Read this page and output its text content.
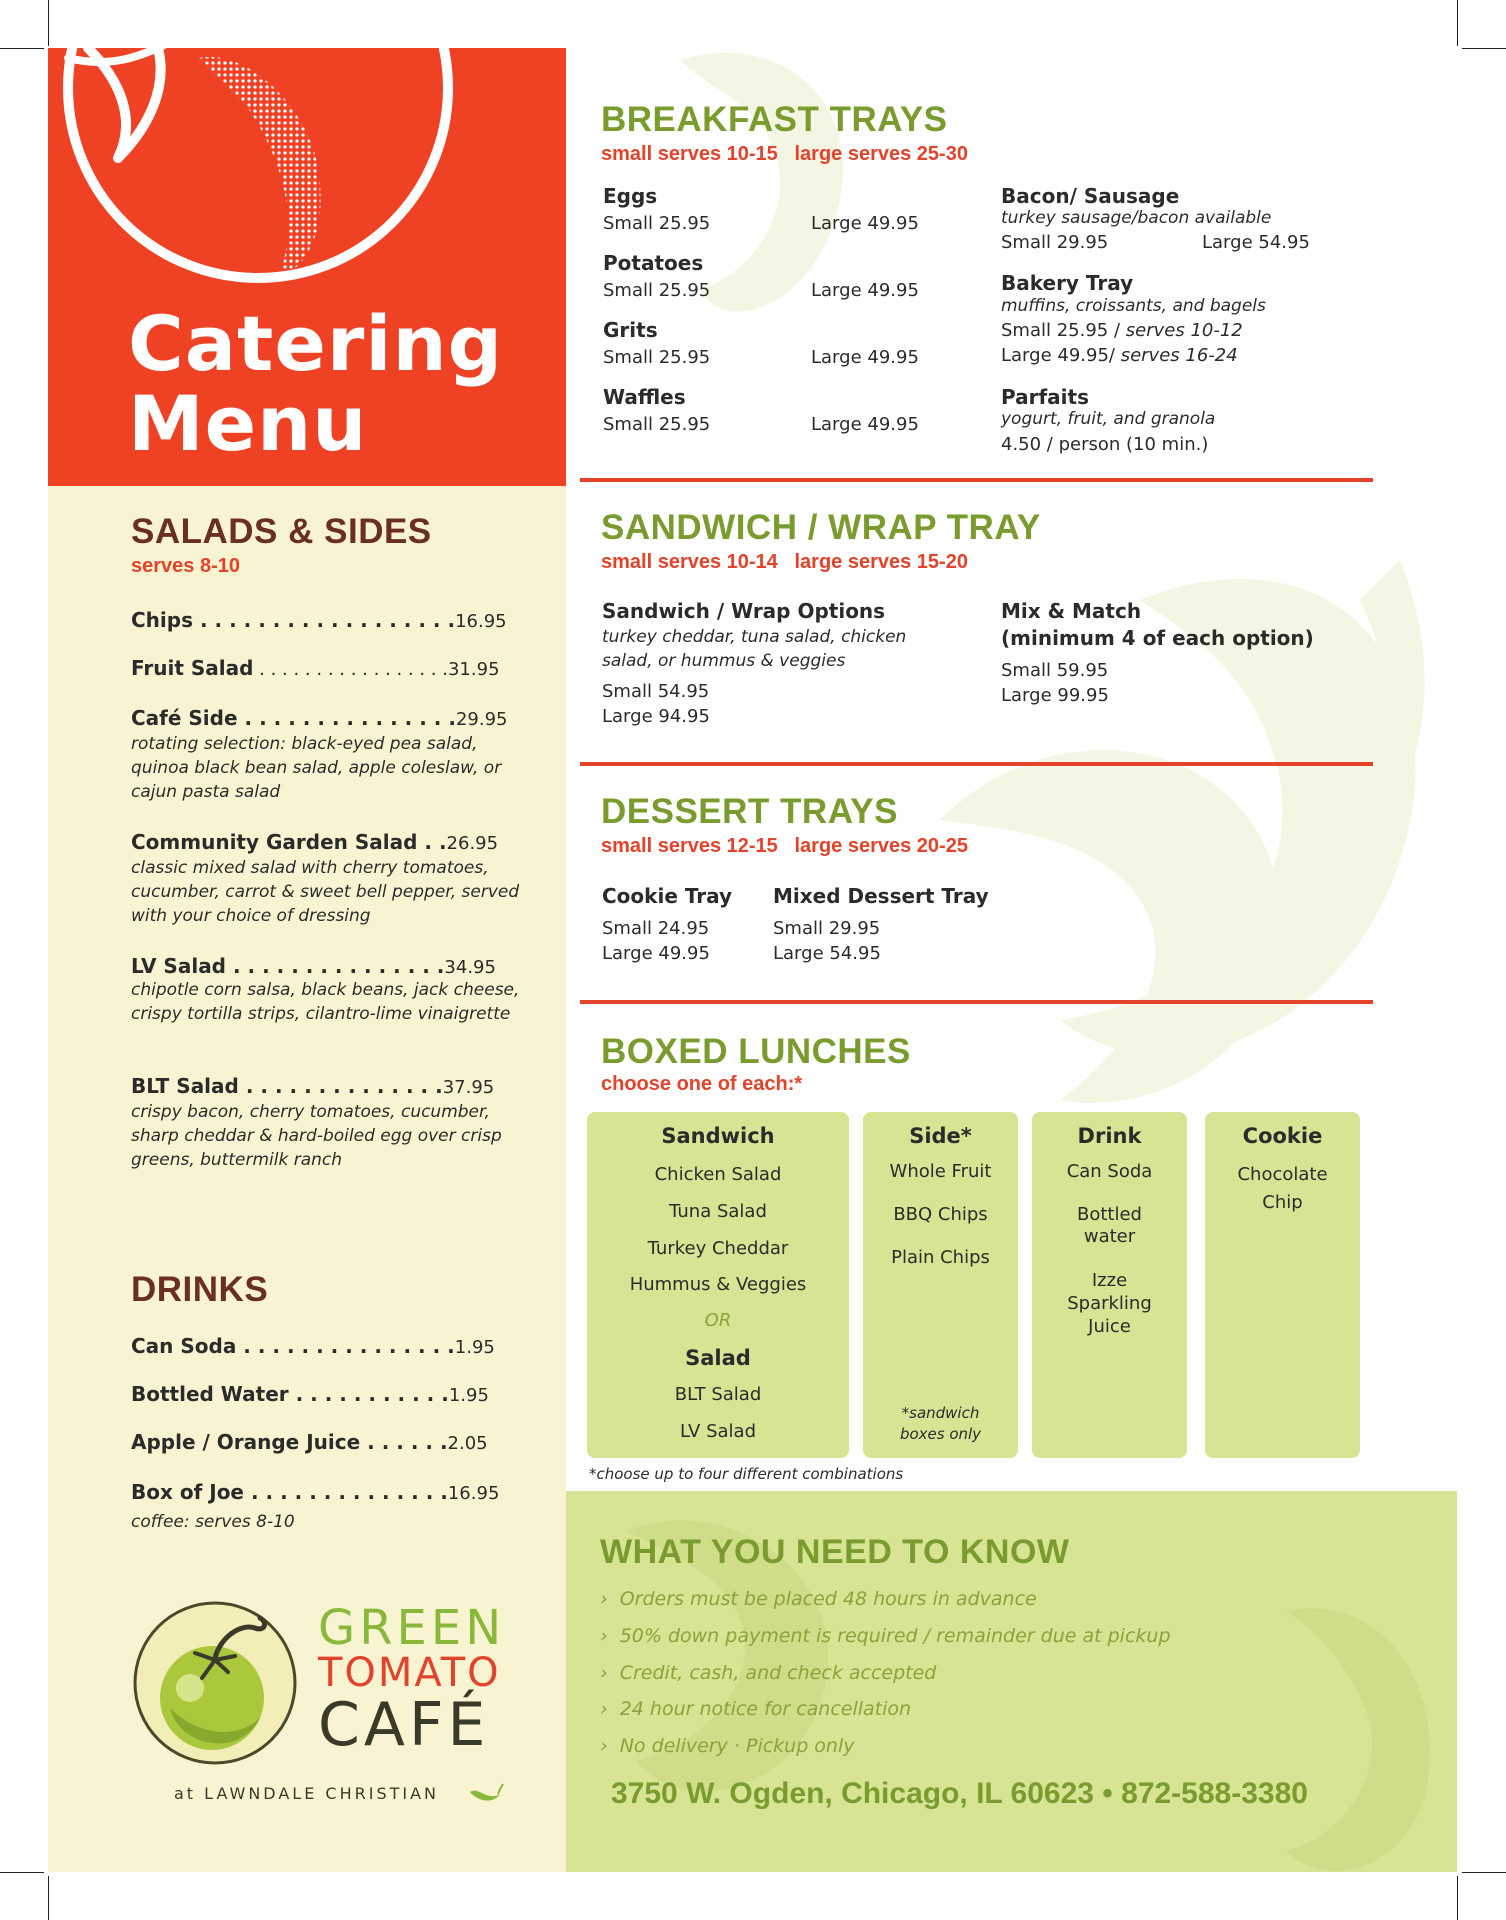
Catering
Menu
SALADS & SIDES
serves 8-10
Chips . . . . . . . . . . . . . . . . . .16.95
Fruit Salad . . . . . . . . . . . . . . . . .31.95
Café Side . . . . . . . . . . . . . . .29.95
rotating selection: black-eyed pea salad, quinoa black bean salad, apple coleslaw, or cajun pasta salad
Community Garden Salad . .26.95
classic mixed salad with cherry tomatoes, cucumber, carrot & sweet bell pepper, served with your choice of dressing
LV Salad . . . . . . . . . . . . . . .34.95
chipotle corn salsa, black beans, jack cheese, crispy tortilla strips, cilantro-lime vinaigrette
BLT Salad . . . . . . . . . . . . . .37.95
crispy bacon, cherry tomatoes, cucumber, sharp cheddar & hard-boiled egg over crisp greens, buttermilk ranch
DRINKS
Can Soda . . . . . . . . . . . . . . .1.95
Bottled Water . . . . . . . . . . .1.95
Apple / Orange Juice . . . . . .2.05
Box of Joe . . . . . . . . . . . . . .16.95
coffee: serves 8-10
GREEN
TOMATO
CAFÉ
at LAWNDALE CHRISTIAN
BREAKFAST TRAYS
small serves 10-15   large serves 25-30
Eggs
Small 25.95	Large 49.95
Potatoes
Small 25.95	Large 49.95
Grits
Small 25.95	Large 49.95
Waffles
Small 25.95	Large 49.95
Bacon/ Sausage
turkey sausage/bacon available
Small 29.95	Large 54.95
Bakery Tray
muffins, croissants, and bagels
Small 25.95 / serves 10-12
Large 49.95/ serves 16-24
Parfaits
yogurt, fruit, and granola
4.50 / person (10 min.)
SANDWICH / WRAP TRAY
small serves 10-14   large serves 15-20
Sandwich / Wrap Options
turkey cheddar, tuna salad, chicken salad, or hummus & veggies
Small 54.95
Large 94.95
Mix & Match
(minimum 4 of each option)
Small 59.95
Large 99.95
DESSERT TRAYS
small serves 12-15   large serves 20-25
Cookie Tray
Small 24.95
Large 49.95
Mixed Dessert Tray
Small 29.95
Large 54.95
BOXED LUNCHES
choose one of each:*
Sandwich
Chicken Salad
Tuna Salad
Turkey Cheddar
Hummus & Veggies
OR
Salad
BLT Salad
LV Salad
Side*
Whole Fruit
BBQ Chips
Plain Chips
*sandwich
boxes only
Drink
Can Soda
Bottled
water
Izze
Sparkling
Juice
Cookie
Chocolate
Chip
*choose up to four different combinations
WHAT YOU NEED TO KNOW
›  Orders must be placed 48 hours in advance
›  50% down payment is required / remainder due at pickup
›  Credit, cash, and check accepted
›  24 hour notice for cancellation
›  No delivery · Pickup only
3750 W. Ogden, Chicago, IL 60623 • 872-588-3380
